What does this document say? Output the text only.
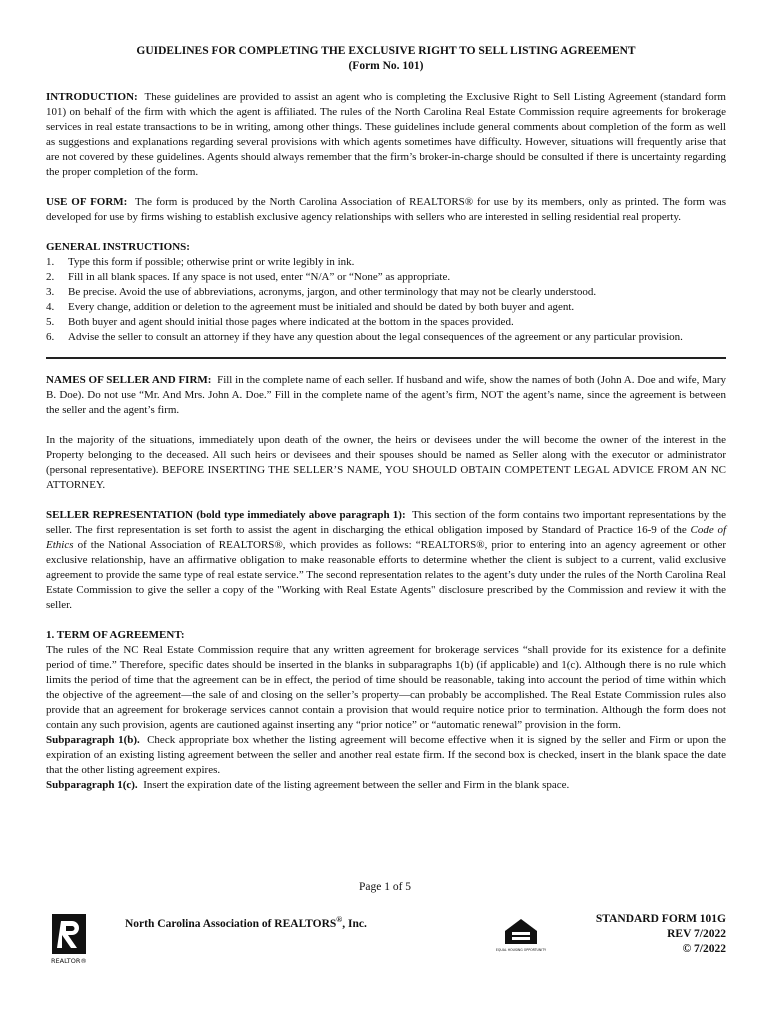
GUIDELINES FOR COMPLETING THE EXCLUSIVE RIGHT TO SELL LISTING AGREEMENT
(Form No. 101)

INTRODUCTION: These guidelines are provided to assist an agent who is completing the Exclusive Right to Sell Listing Agreement (standard form 101) on behalf of the firm with which the agent is affiliated. The rules of the North Carolina Real Estate Commission require agreements for brokerage services in real estate transactions to be in writing, among other things. These guidelines include general comments about completion of the form as well as suggestions and explanations regarding several provisions with which agents sometimes have difficulty. However, situations will frequently arise that are not covered by these guidelines. Agents should always remember that the firm’s broker-in-charge should be consulted if there is uncertainty regarding the proper completion of the form.

USE OF FORM: The form is produced by the North Carolina Association of REALTORS® for use by its members, only as printed. The form was developed for use by firms wishing to establish exclusive agency relationships with sellers who are interested in selling residential real property.

GENERAL INSTRUCTIONS:
1. Type this form if possible; otherwise print or write legibly in ink.
2. Fill in all blank spaces. If any space is not used, enter “N/A” or “None” as appropriate.
3. Be precise. Avoid the use of abbreviations, acronyms, jargon, and other terminology that may not be clearly understood.
4. Every change, addition or deletion to the agreement must be initialed and should be dated by both buyer and agent.
5. Both buyer and agent should initial those pages where indicated at the bottom in the spaces provided.
6. Advise the seller to consult an attorney if they have any question about the legal consequences of the agreement or any particular provision.

NAMES OF SELLER AND FIRM: Fill in the complete name of each seller. If husband and wife, show the names of both (John A. Doe and wife, Mary B. Doe). Do not use “Mr. And Mrs. John A. Doe.” Fill in the complete name of the agent’s firm, NOT the agent’s name, since the agreement is between the seller and the agent’s firm.

In the majority of the situations, immediately upon death of the owner, the heirs or devisees under the will become the owner of the interest in the Property belonging to the deceased. All such heirs or devisees and their spouses should be named as Seller along with the executor or administrator (personal representative). BEFORE INSERTING THE SELLER’S NAME, YOU SHOULD OBTAIN COMPETENT LEGAL ADVICE FROM AN NC ATTORNEY.

SELLER REPRESENTATION (bold type immediately above paragraph 1): This section of the form contains two important representations by the seller. The first representation is set forth to assist the agent in discharging the ethical obligation imposed by Standard of Practice 16-9 of the Code of Ethics of the National Association of REALTORS®, which provides as follows: “REALTORS®, prior to entering into an agency agreement or other exclusive relationship, have an affirmative obligation to make reasonable efforts to determine whether the client is subject to a current, valid exclusive agreement to provide the same type of real estate service.” The second representation relates to the agent’s duty under the rules of the North Carolina Real Estate Commission to give the seller a copy of the "Working with Real Estate Agents" disclosure prescribed by the Commission and review it with the seller.

1. TERM OF AGREEMENT:

The rules of the NC Real Estate Commission require that any written agreement for brokerage services “shall provide for its existence for a definite period of time.” Therefore, specific dates should be inserted in the blanks in subparagraphs 1(b) (if applicable) and 1(c). Although there is no rule which limits the period of time that the agreement can be in effect, the period of time should be reasonable, taking into account the period of time within which the objective of the agreement—the sale of and closing on the seller’s property—can probably be accomplished. The Real Estate Commission rules also provide that an agreement for brokerage services cannot contain a provision that would require notice prior to termination. Although the form does not contain any such provision, agents are cautioned against inserting any “prior notice” or “automatic renewal” provision in the form.

Subparagraph 1(b). Check appropriate box whether the listing agreement will become effective when it is signed by the seller and Firm or upon the expiration of an existing listing agreement between the seller and another real estate firm. If the second box is checked, insert in the blank space the date that the other listing agreement expires.

Subparagraph 1(c). Insert the expiration date of the listing agreement between the seller and Firm in the blank space.

Page 1 of 5
REALTOR®
North Carolina Association of REALTORS®, Inc.
EQUAL HOUSING OPPORTUNITY
STANDARD FORM 101G
REV 7/2022
© 7/2022
